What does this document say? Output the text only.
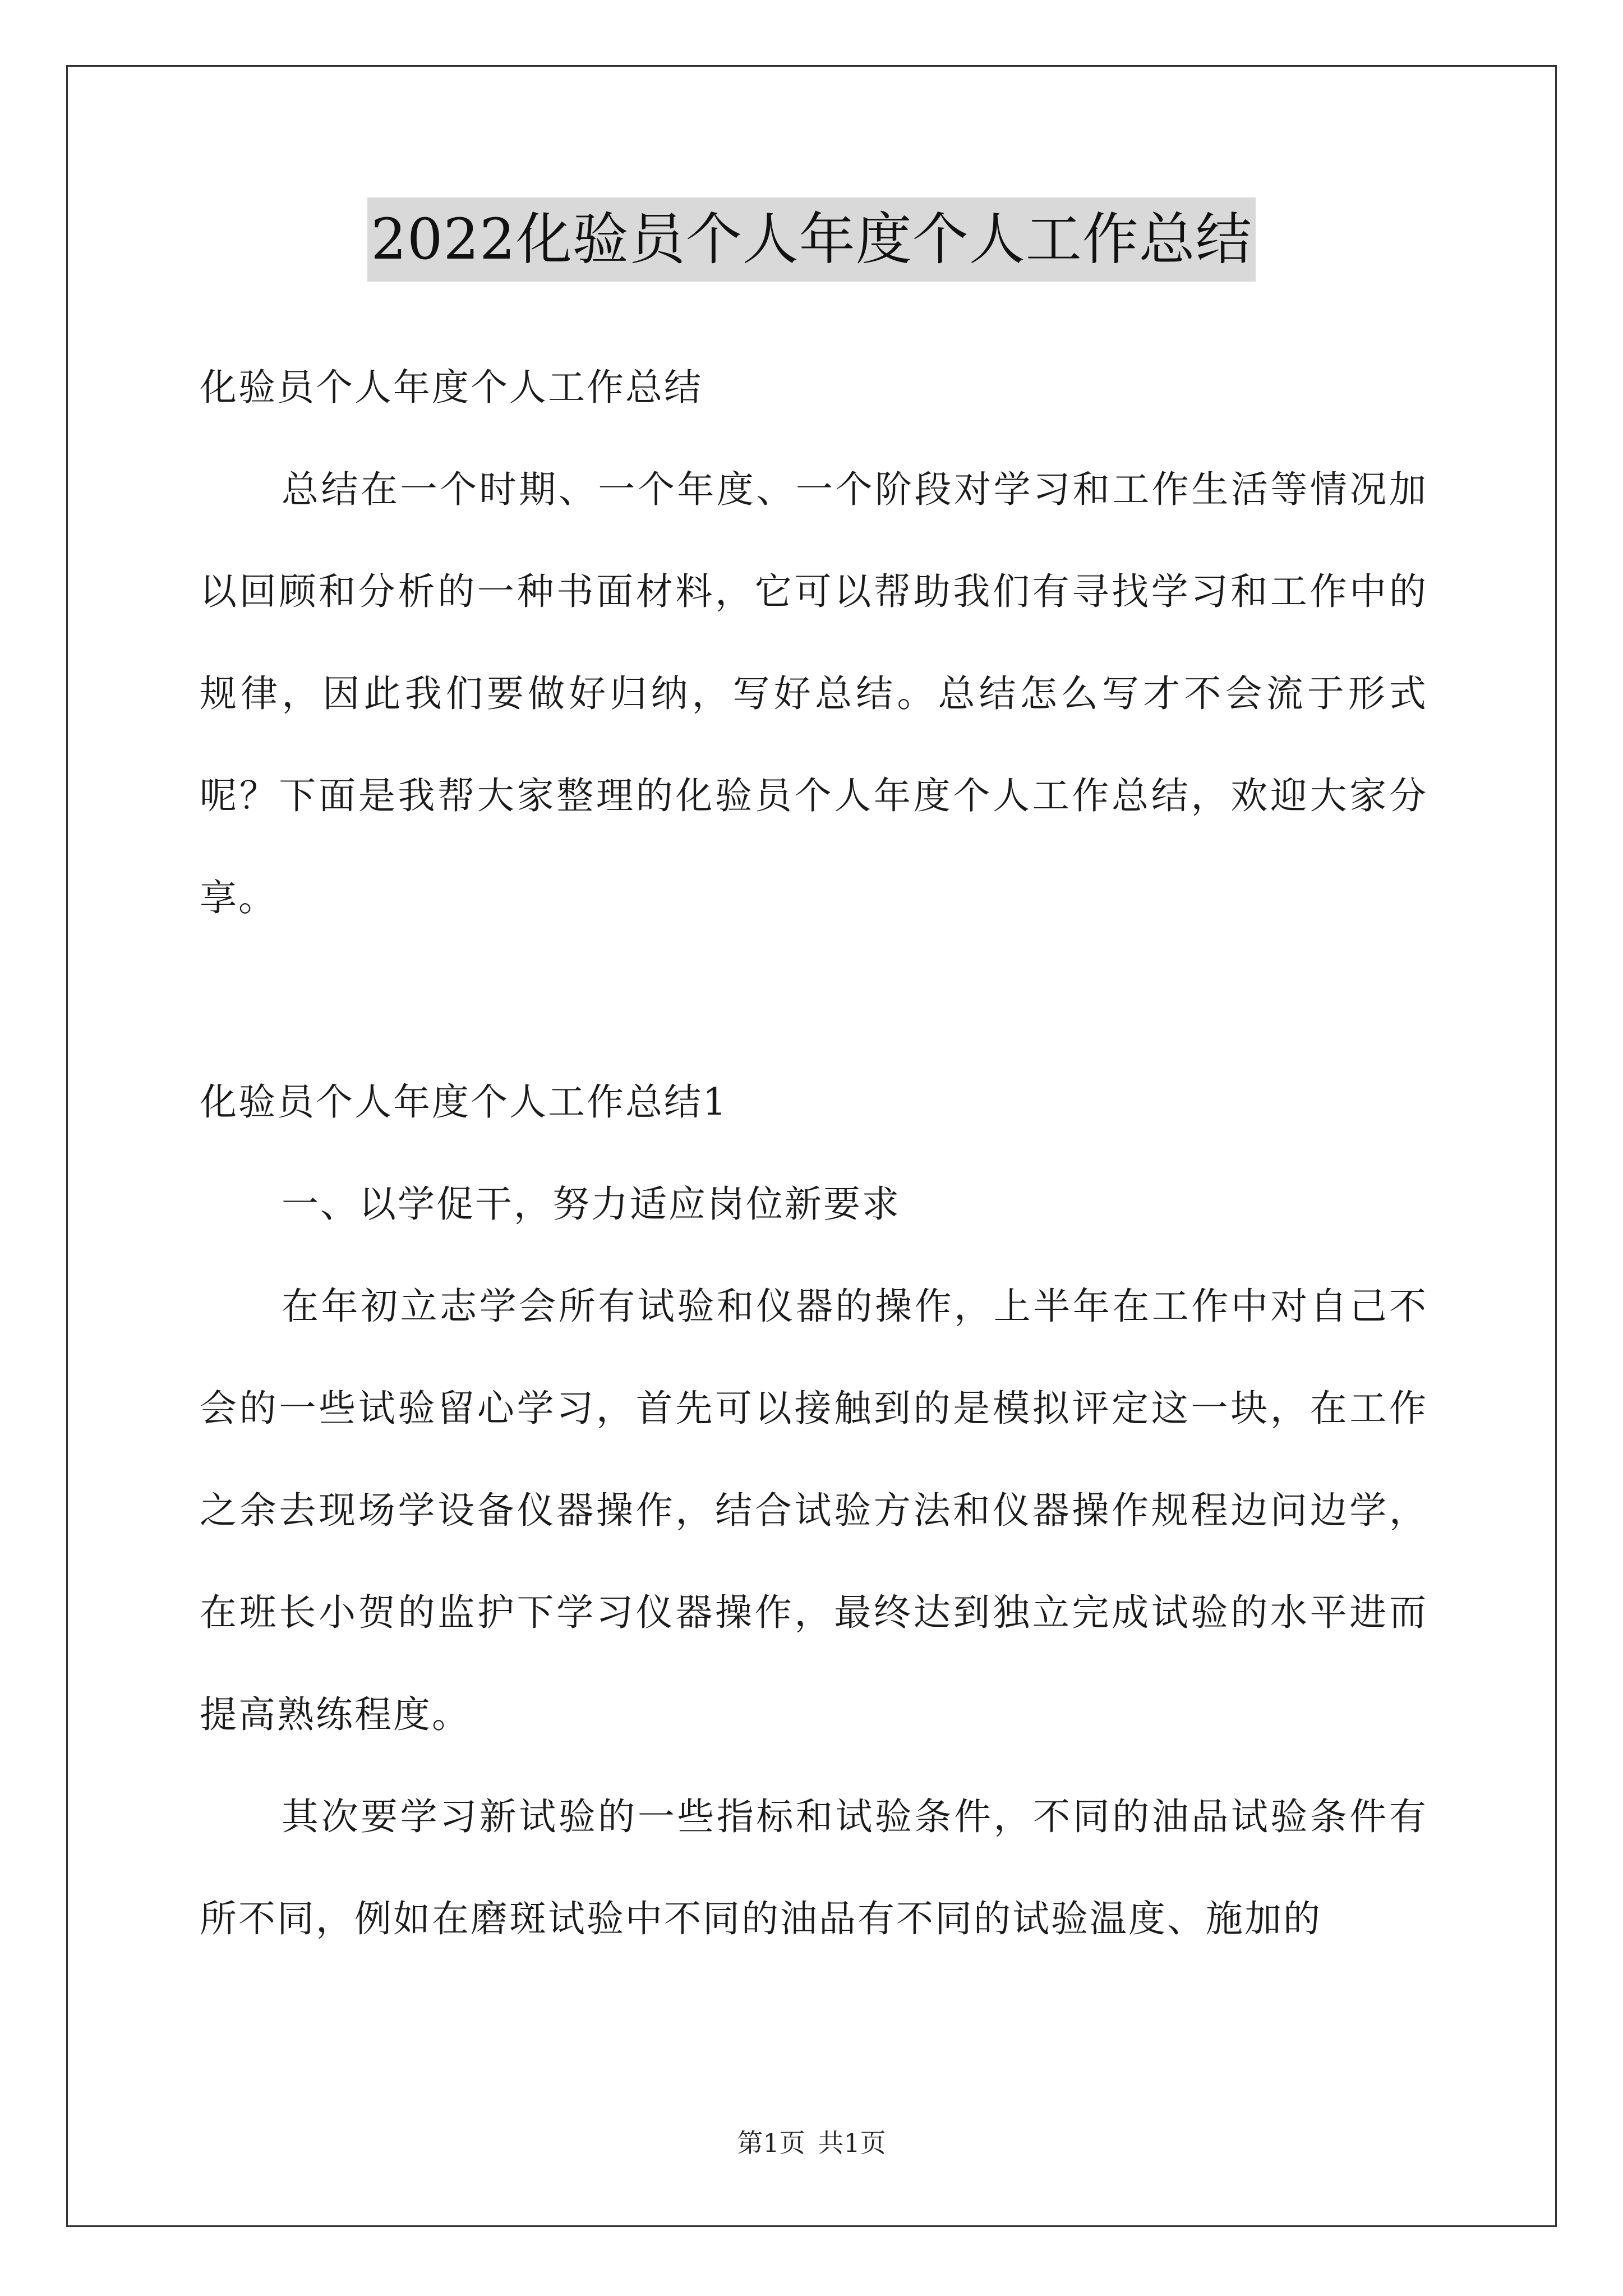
2022化验员个人年度个人工作总结

化验员个人年度个人工作总结

总结在一个时期、一个年度、一个阶段对学习和工作生活等情况加以回顾和分析的一种书面材料，它可以帮助我们有寻找学习和工作中的规律，因此我们要做好归纳，写好总结。总结怎么写才不会流于形式呢？下面是我帮大家整理的化验员个人年度个人工作总结，欢迎大家分享。

化验员个人年度个人工作总结1

一、以学促干，努力适应岗位新要求

在年初立志学会所有试验和仪器的操作，上半年在工作中对自己不会的一些试验留心学习，首先可以接触到的是模拟评定这一块，在工作之余去现场学设备仪器操作，结合试验方法和仪器操作规程边问边学，在班长小贺的监护下学习仪器操作，最终达到独立完成试验的水平进而提高熟练程度。

其次要学习新试验的一些指标和试验条件，不同的油品试验条件有所不同，例如在磨斑试验中不同的油品有不同的试验温度、施加的

第1页 共1页
